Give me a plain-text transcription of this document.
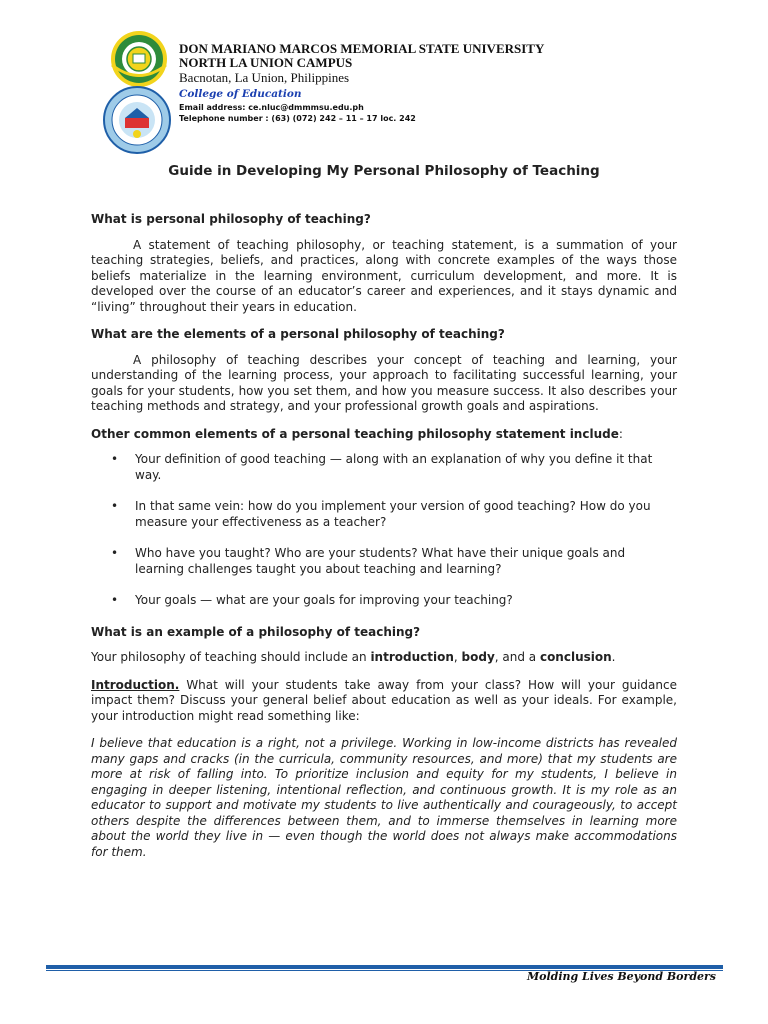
DON MARIANO MARCOS MEMORIAL STATE UNIVERSITY
NORTH LA UNION CAMPUS
Bacnotan, La Union, Philippines
College of Education
Email address: ce.nluc@dmmmsu.edu.ph
Telephone number : (63) (072) 242 – 11 – 17 loc. 242
Guide in Developing My Personal Philosophy of Teaching
What is personal philosophy of teaching?
A statement of teaching philosophy, or teaching statement, is a summation of your teaching strategies, beliefs, and practices, along with concrete examples of the ways those beliefs materialize in the learning environment, curriculum development, and more. It is developed over the course of an educator’s career and experiences, and it stays dynamic and “living” throughout their years in education.
What are the elements of a personal philosophy of teaching?
A philosophy of teaching describes your concept of teaching and learning, your understanding of the learning process, your approach to facilitating successful learning, your goals for your students, how you set them, and how you measure success. It also describes your teaching methods and strategy, and your professional growth goals and aspirations.
Other common elements of a personal teaching philosophy statement include:
• Your definition of good teaching — along with an explanation of why you define it that way.
• In that same vein: how do you implement your version of good teaching? How do you measure your effectiveness as a teacher?
• Who have you taught? Who are your students? What have their unique goals and learning challenges taught you about teaching and learning?
• Your goals — what are your goals for improving your teaching?
What is an example of a philosophy of teaching?
Your philosophy of teaching should include an introduction, body, and a conclusion.
Introduction. What will your students take away from your class? How will your guidance impact them? Discuss your general belief about education as well as your ideals. For example, your introduction might read something like:
I believe that education is a right, not a privilege. Working in low-income districts has revealed many gaps and cracks (in the curricula, community resources, and more) that my students are more at risk of falling into. To prioritize inclusion and equity for my students, I believe in engaging in deeper listening, intentional reflection, and continuous growth. It is my role as an educator to support and motivate my students to live authentically and courageously, to accept others despite the differences between them, and to immerse themselves in learning more about the world they live in — even though the world does not always make accommodations for them.
Molding Lives Beyond Borders
